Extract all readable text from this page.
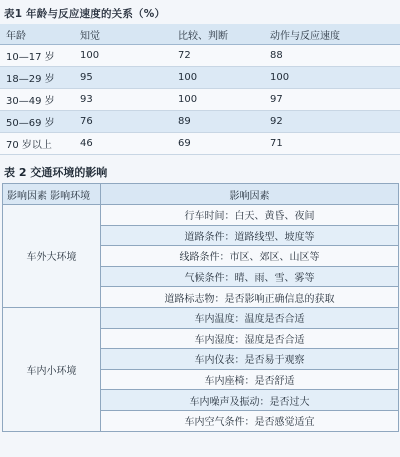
表1 年龄与反应速度的关系（%）
年龄	知觉	比较、判断	动作与反应速度
10—17 岁	100	72	88
18—29 岁	95	100	100
30—49 岁	93	100	97
50—69 岁	76	89	92
70 岁以上	46	69	71
表 2 交通环境的影响
影响因素 影响环境	影响因素
车外大环境	行车时间：白天、黄昏、夜间
	道路条件：道路线型、坡度等
	线路条件：市区、郊区、山区等
	气候条件：晴、雨、雪、雾等
	道路标志物：是否影响正确信息的获取
车内小环境	车内温度：温度是否合适
	车内湿度：湿度是否合适
	车内仪表：是否易于观察
	车内座椅：是否舒适
	车内噪声及振动：是否过大
	车内空气条件：是否感觉适宜
